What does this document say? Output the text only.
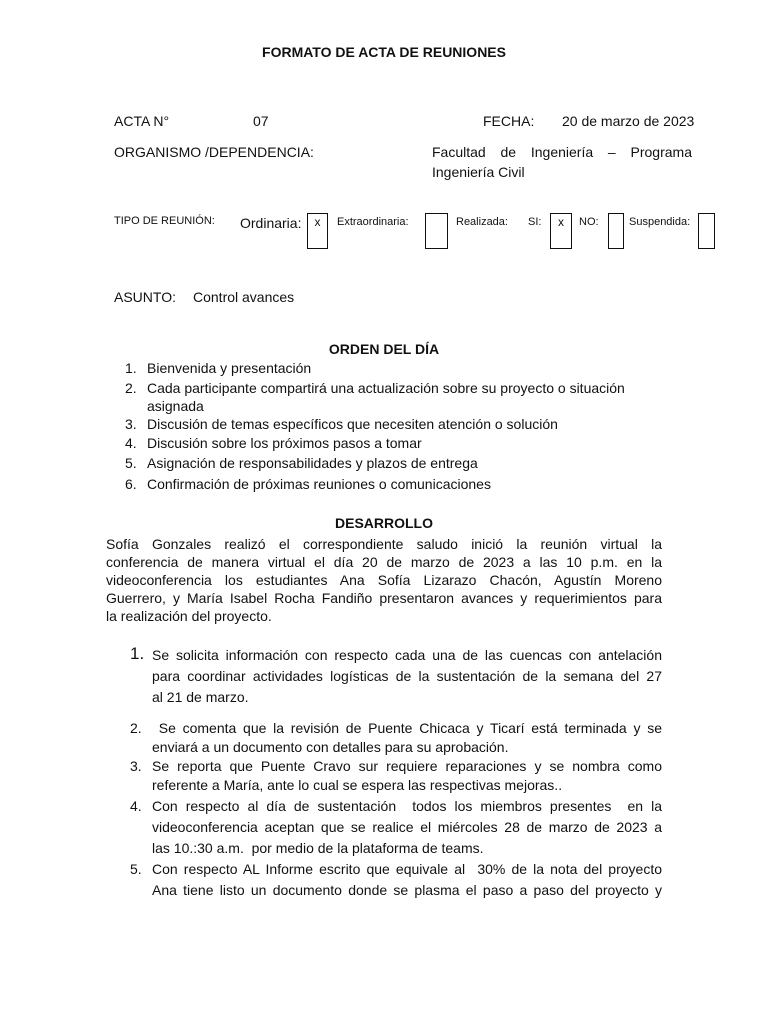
FORMATO DE ACTA DE REUNIONES
ACTA N°	07	FECHA: 20 de marzo de 2023
ORGANISMO /DEPENDENCIA:	Facultad de Ingeniería – Programa
Ingeniería Civil
TIPO DE REUNIÓN: Ordinaria:	x	Extraordinaria:	Realizada: SI:	x	NO:	Suspendida:
ASUNTO: Control avances
ORDEN DEL DÍA
1. Bienvenida y presentación
2. Cada participante compartirá una actualización sobre su proyecto o situación
asignada
3. Discusión de temas específicos que necesiten atención o solución
4. Discusión sobre los próximos pasos a tomar
5. Asignación de responsabilidades y plazos de entrega
6. Confirmación de próximas reuniones o comunicaciones
DESARROLLO
Sofía Gonzales realizó el correspondiente saludo inició la reunión virtual la
conferencia de manera virtual el día 20 de marzo de 2023 a las 10 p.m. en la
videoconferencia los estudiantes Ana Sofía Lizarazo Chacón, Agustín Moreno
Guerrero, y María Isabel Rocha Fandiño presentaron avances y requerimientos para
la realización del proyecto.
1. Se solicita información con respecto cada una de las cuencas con antelación
para coordinar actividades logísticas de la sustentación de la semana del 27
al 21 de marzo.
2. Se comenta que la revisión de Puente Chicaca y Ticarí está terminada y se
enviará a un documento con detalles para su aprobación.
3. Se reporta que Puente Cravo sur requiere reparaciones y se nombra como
referente a María, ante lo cual se espera las respectivas mejoras..
4. Con respecto al día de sustentación  todos los miembros presentes  en la
videoconferencia aceptan que se realice el miércoles 28 de marzo de 2023 a
las 10.:30 a.m.  por medio de la plataforma de teams.
5. Con respecto AL Informe escrito que equivale al  30% de la nota del proyecto
Ana tiene listo un documento donde se plasma el paso a paso del proyecto y
